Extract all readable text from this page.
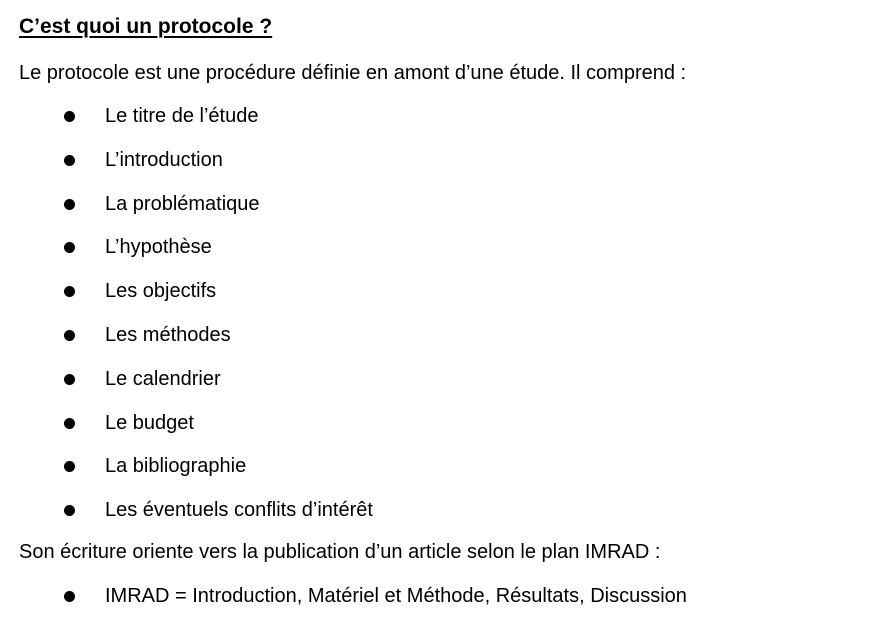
C’est quoi un protocole ?

Le protocole est une procédure définie en amont d’une étude. Il comprend :

Le titre de l’étude
L’introduction
La problématique
L’hypothèse
Les objectifs
Les méthodes
Le calendrier
Le budget
La bibliographie
Les éventuels conflits d’intérêt

Son écriture oriente vers la publication d’un article selon le plan IMRAD :

IMRAD = Introduction, Matériel et Méthode, Résultats, Discussion
